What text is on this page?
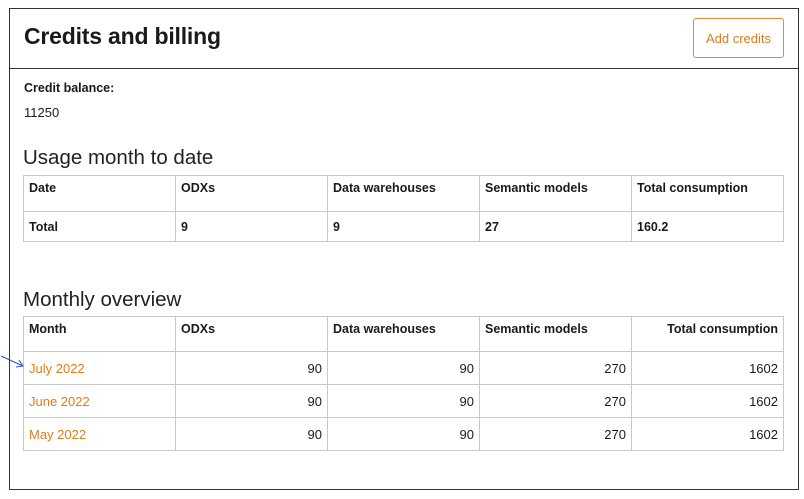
Credits and billing	Add credits
Credit balance:
11250
Usage month to date
Date	ODXs	Data warehouses	Semantic models	Total consumption
Total	9	9	27	160.2
Monthly overview
Month	ODXs	Data warehouses	Semantic models	Total consumption
July 2022	90	90	270	1602
June 2022	90	90	270	1602
May 2022	90	90	270	1602
